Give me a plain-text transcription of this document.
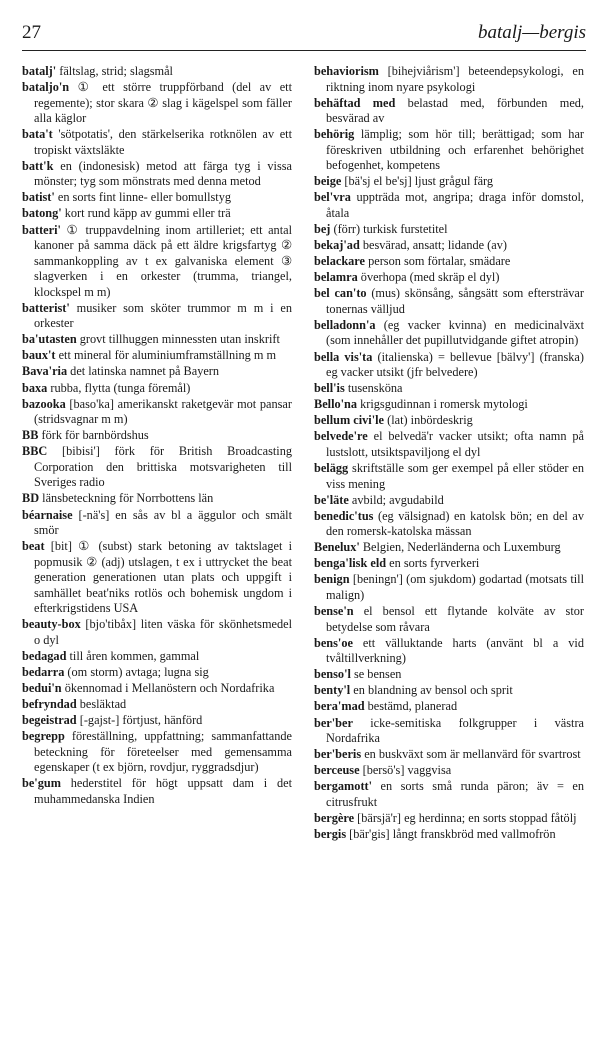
27	batalj—bergis

batalj' fältslag, strid; slagsmål

bataljo'n ① ett större truppförband (del av ett regemente); stor skara ② slag i kägelspel som fäller alla käglor

bata't 'sötpotatis', den stärkelserika rotknölen av ett tropiskt växtsläkte

batt'k en (indonesisk) metod att färga tyg i vissa mönster; tyg som mönstrats med denna metod

batist' en sorts fint linne- eller bomullstyg

batong' kort rund käpp av gummi eller trä

batteri' ① truppavdelning inom artilleriet; ett antal kanoner på samma däck på ett äldre krigsfartyg ② sammankoppling av t ex galvaniska element ③ slagverken i en orkester (trumma, triangel, klockspel m m)

batterist' musiker som sköter trummor m m i en orkester

ba'utasten grovt tillhuggen minnessten utan inskrift

baux't ett mineral för aluminiumframställning m m

Bava'ria det latinska namnet på Bayern

baxa rubba, flytta (tunga föremål)

bazooka [baso'ka] amerikanskt raketgevär mot pansar (stridsvagnar m m)

BB förk för barnbördshus

BBC [bibisi'] förk för British Broadcasting Corporation den brittiska motsvarigheten till Sveriges radio

BD länsbeteckning för Norrbottens län

béarnaise [-nä's] en sås av bl a äggulor och smält smör

beat [bit] ① (subst) stark betoning av taktslaget i popmusik ② (adj) utslagen, t ex i uttrycket the beat generation generationen utan plats och uppgift i samhället beat'niks rotlös och bohemisk ungdom i efterkrigstidens USA

beauty-box [bjo'tibåx] liten väska för skönhetsmedel o dyl

bedagad till åren kommen, gammal

bedarra (om storm) avtaga; lugna sig

bedui'n ökennomad i Mellanöstern och Nordafrika

befryndad besläktad

begeistrad [-gajst-] förtjust, hänförd

begrepp föreställning, uppfattning; sammanfattande beteckning för företeelser med gemensamma egenskaper (t ex björn, rovdjur, ryggradsdjur)

be'gum hederstitel för högt uppsatt dam i det muhammedanska Indien

behaviorism [bihejviårism'] beteendepsykologi, en riktning inom nyare psykologi

behäftad med belastad med, förbunden med, besvärad av

behörig lämplig; som hör till; berättigad; som har föreskriven utbildning och erfarenhet behörighet befogenhet, kompetens

beige [bä'sj el be'sj] ljust grågul färg

bel'vra uppträda mot, angripa; draga inför domstol, åtala

bej (förr) turkisk furstetitel

bekaj'ad besvärad, ansatt; lidande (av)

belackare person som förtalar, smädare

belamra överhopa (med skräp el dyl)

bel can'to (mus) skönsång, sångsätt som eftersträvar tonernas välljud

belladonn'a (eg vacker kvinna) en medicinalväxt (som innehåller det pupillutvidgande giftet atropin)

bella vis'ta (italienska) = bellevue [bälvy'] (franska) eg vacker utsikt (jfr belvedere)

bell'is tusensköna

Bello'na krigsgudinnan i romersk mytologi

bellum civi'le (lat) inbördeskrig

belvede're el belvedä'r vacker utsikt; ofta namn på lustslott, utsiktspaviljong el dyl

belägg skriftställe som ger exempel på eller stöder en viss mening

be'läte avbild; avgudabild

benedic'tus (eg välsignad) en katolsk bön; en del av den romersk-katolska mässan

Benelux' Belgien, Nederländerna och Luxemburg

benga'lisk eld en sorts fyrverkeri

benign [beningn'] (om sjukdom) godartad (motsats till malign)

bense'n el bensol ett flytande kolväte av stor betydelse som råvara

bens'oe ett välluktande harts (använt bl a vid tvåltillverkning)

benso'l se bensen

benty'l en blandning av bensol och sprit

bera'mad bestämd, planerad

ber'ber icke-semitiska folkgrupper i västra Nordafrika

ber'beris en buskväxt som är mellanvärd för svartrost

berceuse [bersö's] vaggvisa

bergamott' en sorts små runda päron; äv = en citrusfrukt

bergère [bärsjä'r] eg herdinna; en sorts stoppad fåtölj

bergis [bär'gis] långt franskbröd med vallmofrön
